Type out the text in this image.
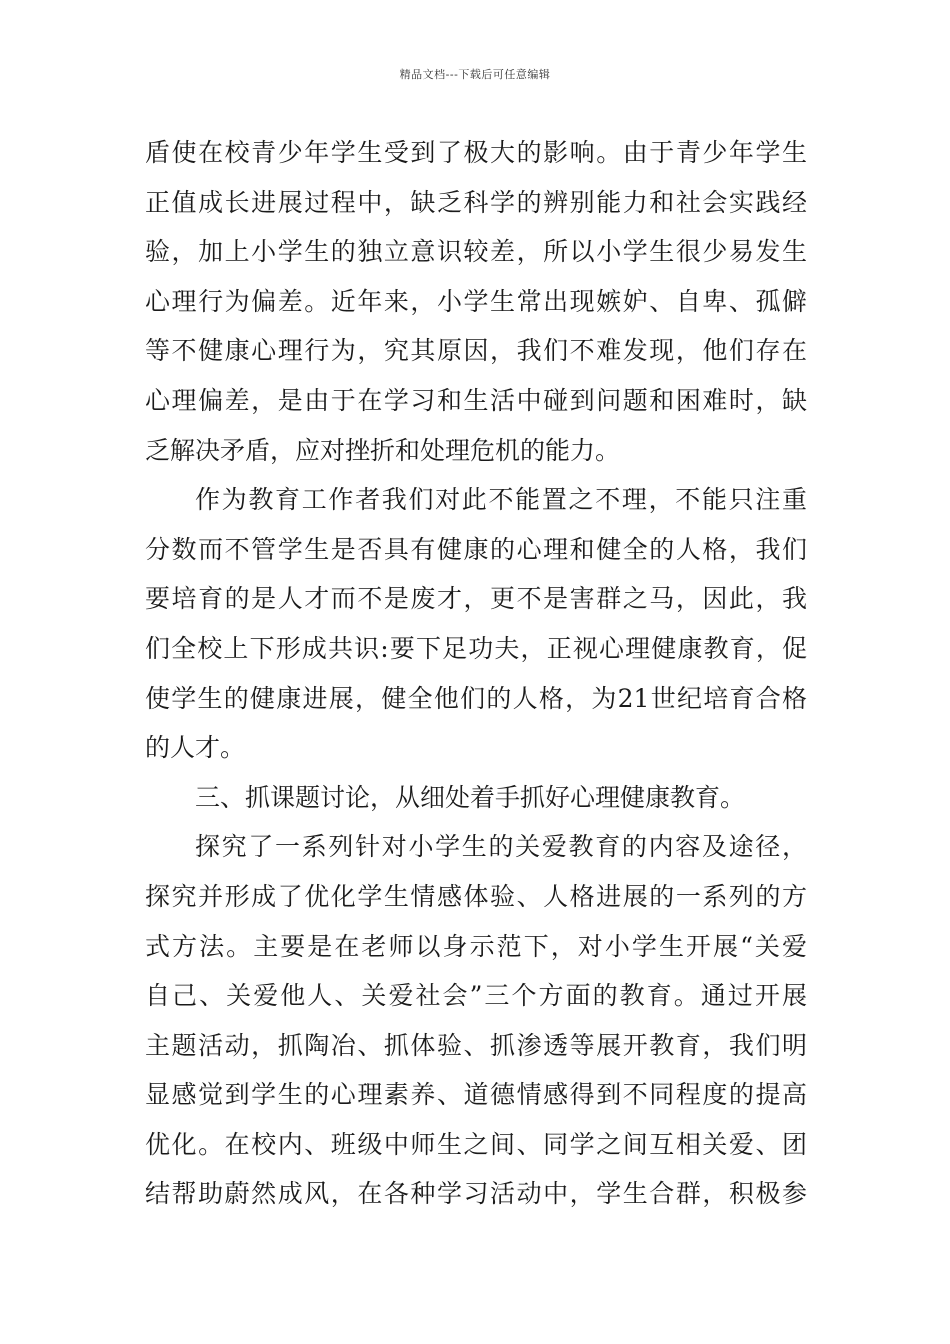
精品文档---下载后可任意编辑
盾使在校青少年学生受到了极大的影响。由于青少年学生
正值成长进展过程中，缺乏科学的辨别能力和社会实践经
验，加上小学生的独立意识较差，所以小学生很少易发生
心理行为偏差。近年来，小学生常出现嫉妒、自卑、孤僻
等不健康心理行为，究其原因，我们不难发现，他们存在
心理偏差，是由于在学习和生活中碰到问题和困难时，缺
乏解决矛盾，应对挫折和处理危机的能力。
作为教育工作者我们对此不能置之不理，不能只注重
分数而不管学生是否具有健康的心理和健全的人格，我们
要培育的是人才而不是废才，更不是害群之马，因此，我
们全校上下形成共识:要下足功夫，正视心理健康教育，促
使学生的健康进展，健全他们的人格，为21世纪培育合格
的人才。
三、抓课题讨论，从细处着手抓好心理健康教育。
探究了一系列针对小学生的关爱教育的内容及途径，
探究并形成了优化学生情感体验、人格进展的一系列的方
式方法。主要是在老师以身示范下，对小学生开展“关爱
自己、关爱他人、关爱社会”三个方面的教育。通过开展
主题活动，抓陶冶、抓体验、抓渗透等展开教育，我们明
显感觉到学生的心理素养、道德情感得到不同程度的提高
优化。在校内、班级中师生之间、同学之间互相关爱、团
结帮助蔚然成风，在各种学习活动中，学生合群，积极参
